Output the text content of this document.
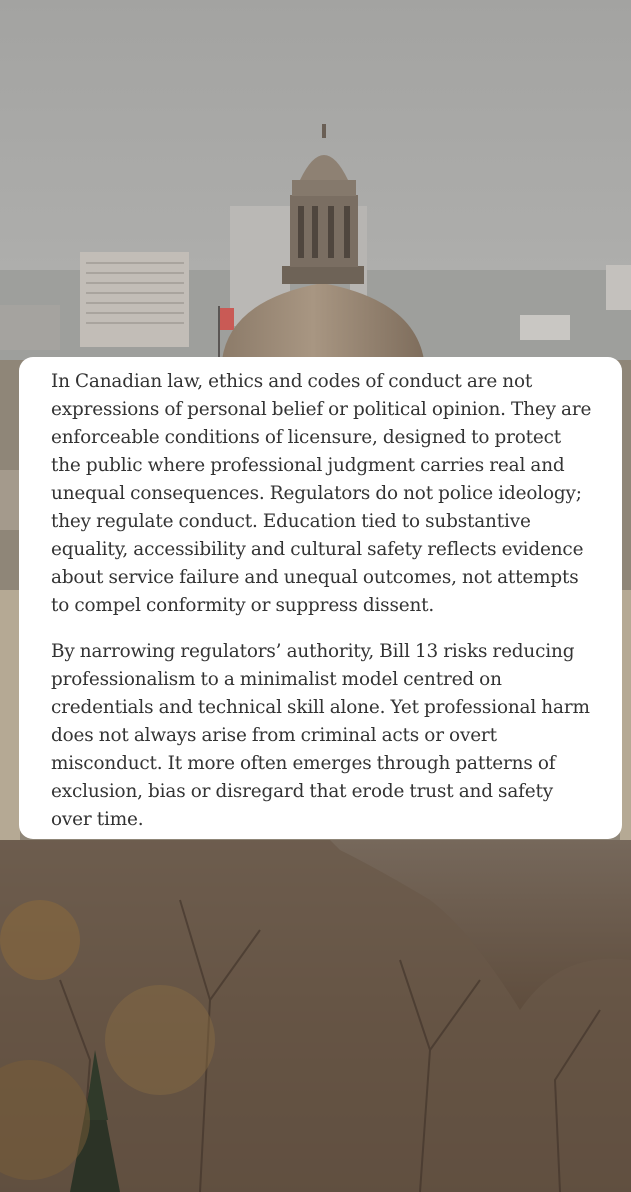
In Canadian law, ethics and codes of conduct are not expressions of personal belief or political opinion. They are enforceable conditions of licensure, designed to protect the public where professional judgment carries real and unequal consequences. Regulators do not police ideology; they regulate conduct. Education tied to substantive equality, accessibility and cultural safety reflects evidence about service failure and unequal outcomes, not attempts to compel conformity or suppress dissent.

By narrowing regulators’ authority, Bill 13 risks reducing professionalism to a minimalist model centred on credentials and technical skill alone. Yet professional harm does not always arise from criminal acts or overt misconduct. It more often emerges through patterns of exclusion, bias or disregard that erode trust and safety over time.
